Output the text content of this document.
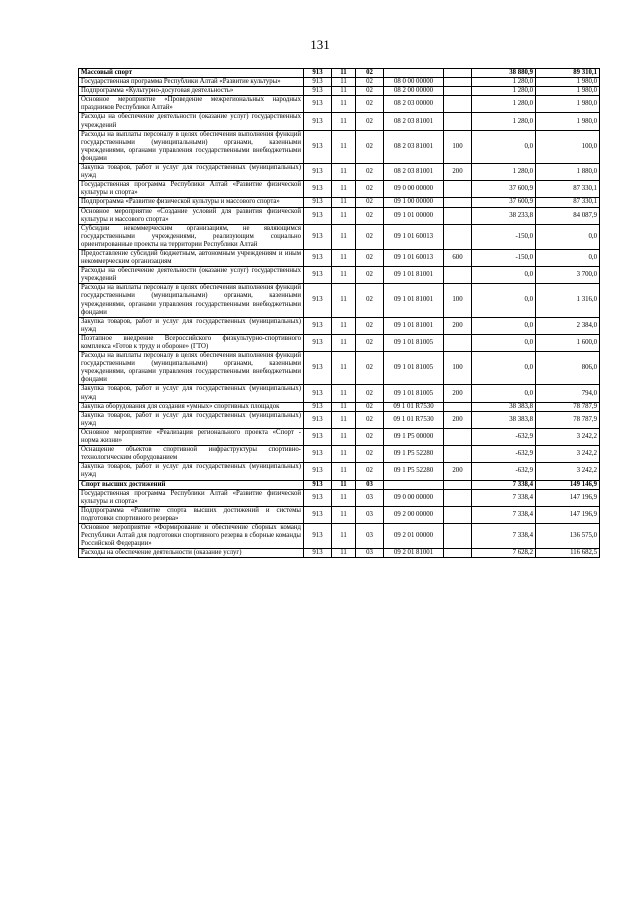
131
Массовый спорт	913	11	02			38 880,9	89 310,1
Государственная программа Республики Алтай «Развитие культуры»	913	11	02	08 0 00 00000		1 280,0	1 980,0
Подпрограмма «Культурно-досуговая деятельность»	913	11	02	08 2 00 00000		1 280,0	1 980,0
Основное мероприятие «Проведение межрегиональных народных праздников Республики Алтай»	913	11	02	08 2 03 00000		1 280,0	1 980,0
Расходы на обеспечение деятельности (оказание услуг) государственных учреждений	913	11	02	08 2 03 81001		1 280,0	1 980,0
Расходы на выплаты персоналу в целях обеспечения выполнения функций государственными (муниципальными) органами, казенными учреждениями, органами управления государственными внебюджетными фондами	913	11	02	08 2 03 81001	100	0,0	100,0
Закупка товаров, работ и услуг для государственных (муниципальных) нужд	913	11	02	08 2 03 81001	200	1 280,0	1 880,0
Государственная программа Республики Алтай «Развитие физической культуры и спорта»	913	11	02	09 0 00 00000		37 600,9	87 330,1
Подпрограмма «Развитие физической культуры и массового спорта»	913	11	02	09 1 00 00000		37 600,9	87 330,1
Основное мероприятие «Создание условий для развития физической культуры и массового спорта»	913	11	02	09 1 01 00000		38 233,8	84 087,9
Субсидии некоммерческим организациям, не являющимся государственными учреждениями, реализующим социально ориентированные проекты на территории Республики Алтай	913	11	02	09 1 01 60013		-150,0	0,0
Предоставление субсидий бюджетным, автономным учреждениям и иным некоммерческим организациям	913	11	02	09 1 01 60013	600	-150,0	0,0
Расходы на обеспечение деятельности (оказание услуг) государственных учреждений	913	11	02	09 1 01 81001		0,0	3 700,0
Расходы на выплаты персоналу в целях обеспечения выполнения функций государственными (муниципальными) органами, казенными учреждениями, органами управления государственными внебюджетными фондами	913	11	02	09 1 01 81001	100	0,0	1 316,0
Закупка товаров, работ и услуг для государственных (муниципальных) нужд	913	11	02	09 1 01 81001	200	0,0	2 384,0
Поэтапное внедрение Всероссийского физкультурно-спортивного комплекса «Готов к труду и обороне» (ГТО)	913	11	02	09 1 01 81005		0,0	1 600,0
Расходы на выплаты персоналу в целях обеспечения выполнения функций государственными (муниципальными) органами, казенными учреждениями, органами управления государственными внебюджетными фондами	913	11	02	09 1 01 81005	100	0,0	806,0
Закупка товаров, работ и услуг для государственных (муниципальных) нужд	913	11	02	09 1 01 81005	200	0,0	794,0
Закупка оборудования для создания «умных» спортивных площадок	913	11	02	09 1 01 R7530		38 383,8	78 787,9
Закупка товаров, работ и услуг для государственных (муниципальных) нужд	913	11	02	09 1 01 R7530	200	38 383,8	78 787,9
Основное мероприятие «Реализация регионального проекта «Спорт - норма жизни»	913	11	02	09 1 P5 00000		-632,9	3 242,2
Оснащение объектов спортивной инфраструктуры спортивно-технологическим оборудованием	913	11	02	09 1 P5 52280		-632,9	3 242,2
Закупка товаров, работ и услуг для государственных (муниципальных) нужд	913	11	02	09 1 P5 52280	200	-632,9	3 242,2
Спорт высших достижений	913	11	03			7 338,4	149 146,9
Государственная программа Республики Алтай «Развитие физической культуры и спорта»	913	11	03	09 0 00 00000		7 338,4	147 196,9
Подпрограмма «Развитие спорта высших достижений и системы подготовки спортивного резерва»	913	11	03	09 2 00 00000		7 338,4	147 196,9
Основное мероприятие «Формирование и обеспечение сборных команд Республики Алтай для подготовки спортивного резерва в сборные команды Российской Федерации»	913	11	03	09 2 01 00000		7 338,4	136 575,0
Расходы на обеспечение деятельности (оказание услуг)	913	11	03	09 2 01 81001		7 628,2	116 682,5
